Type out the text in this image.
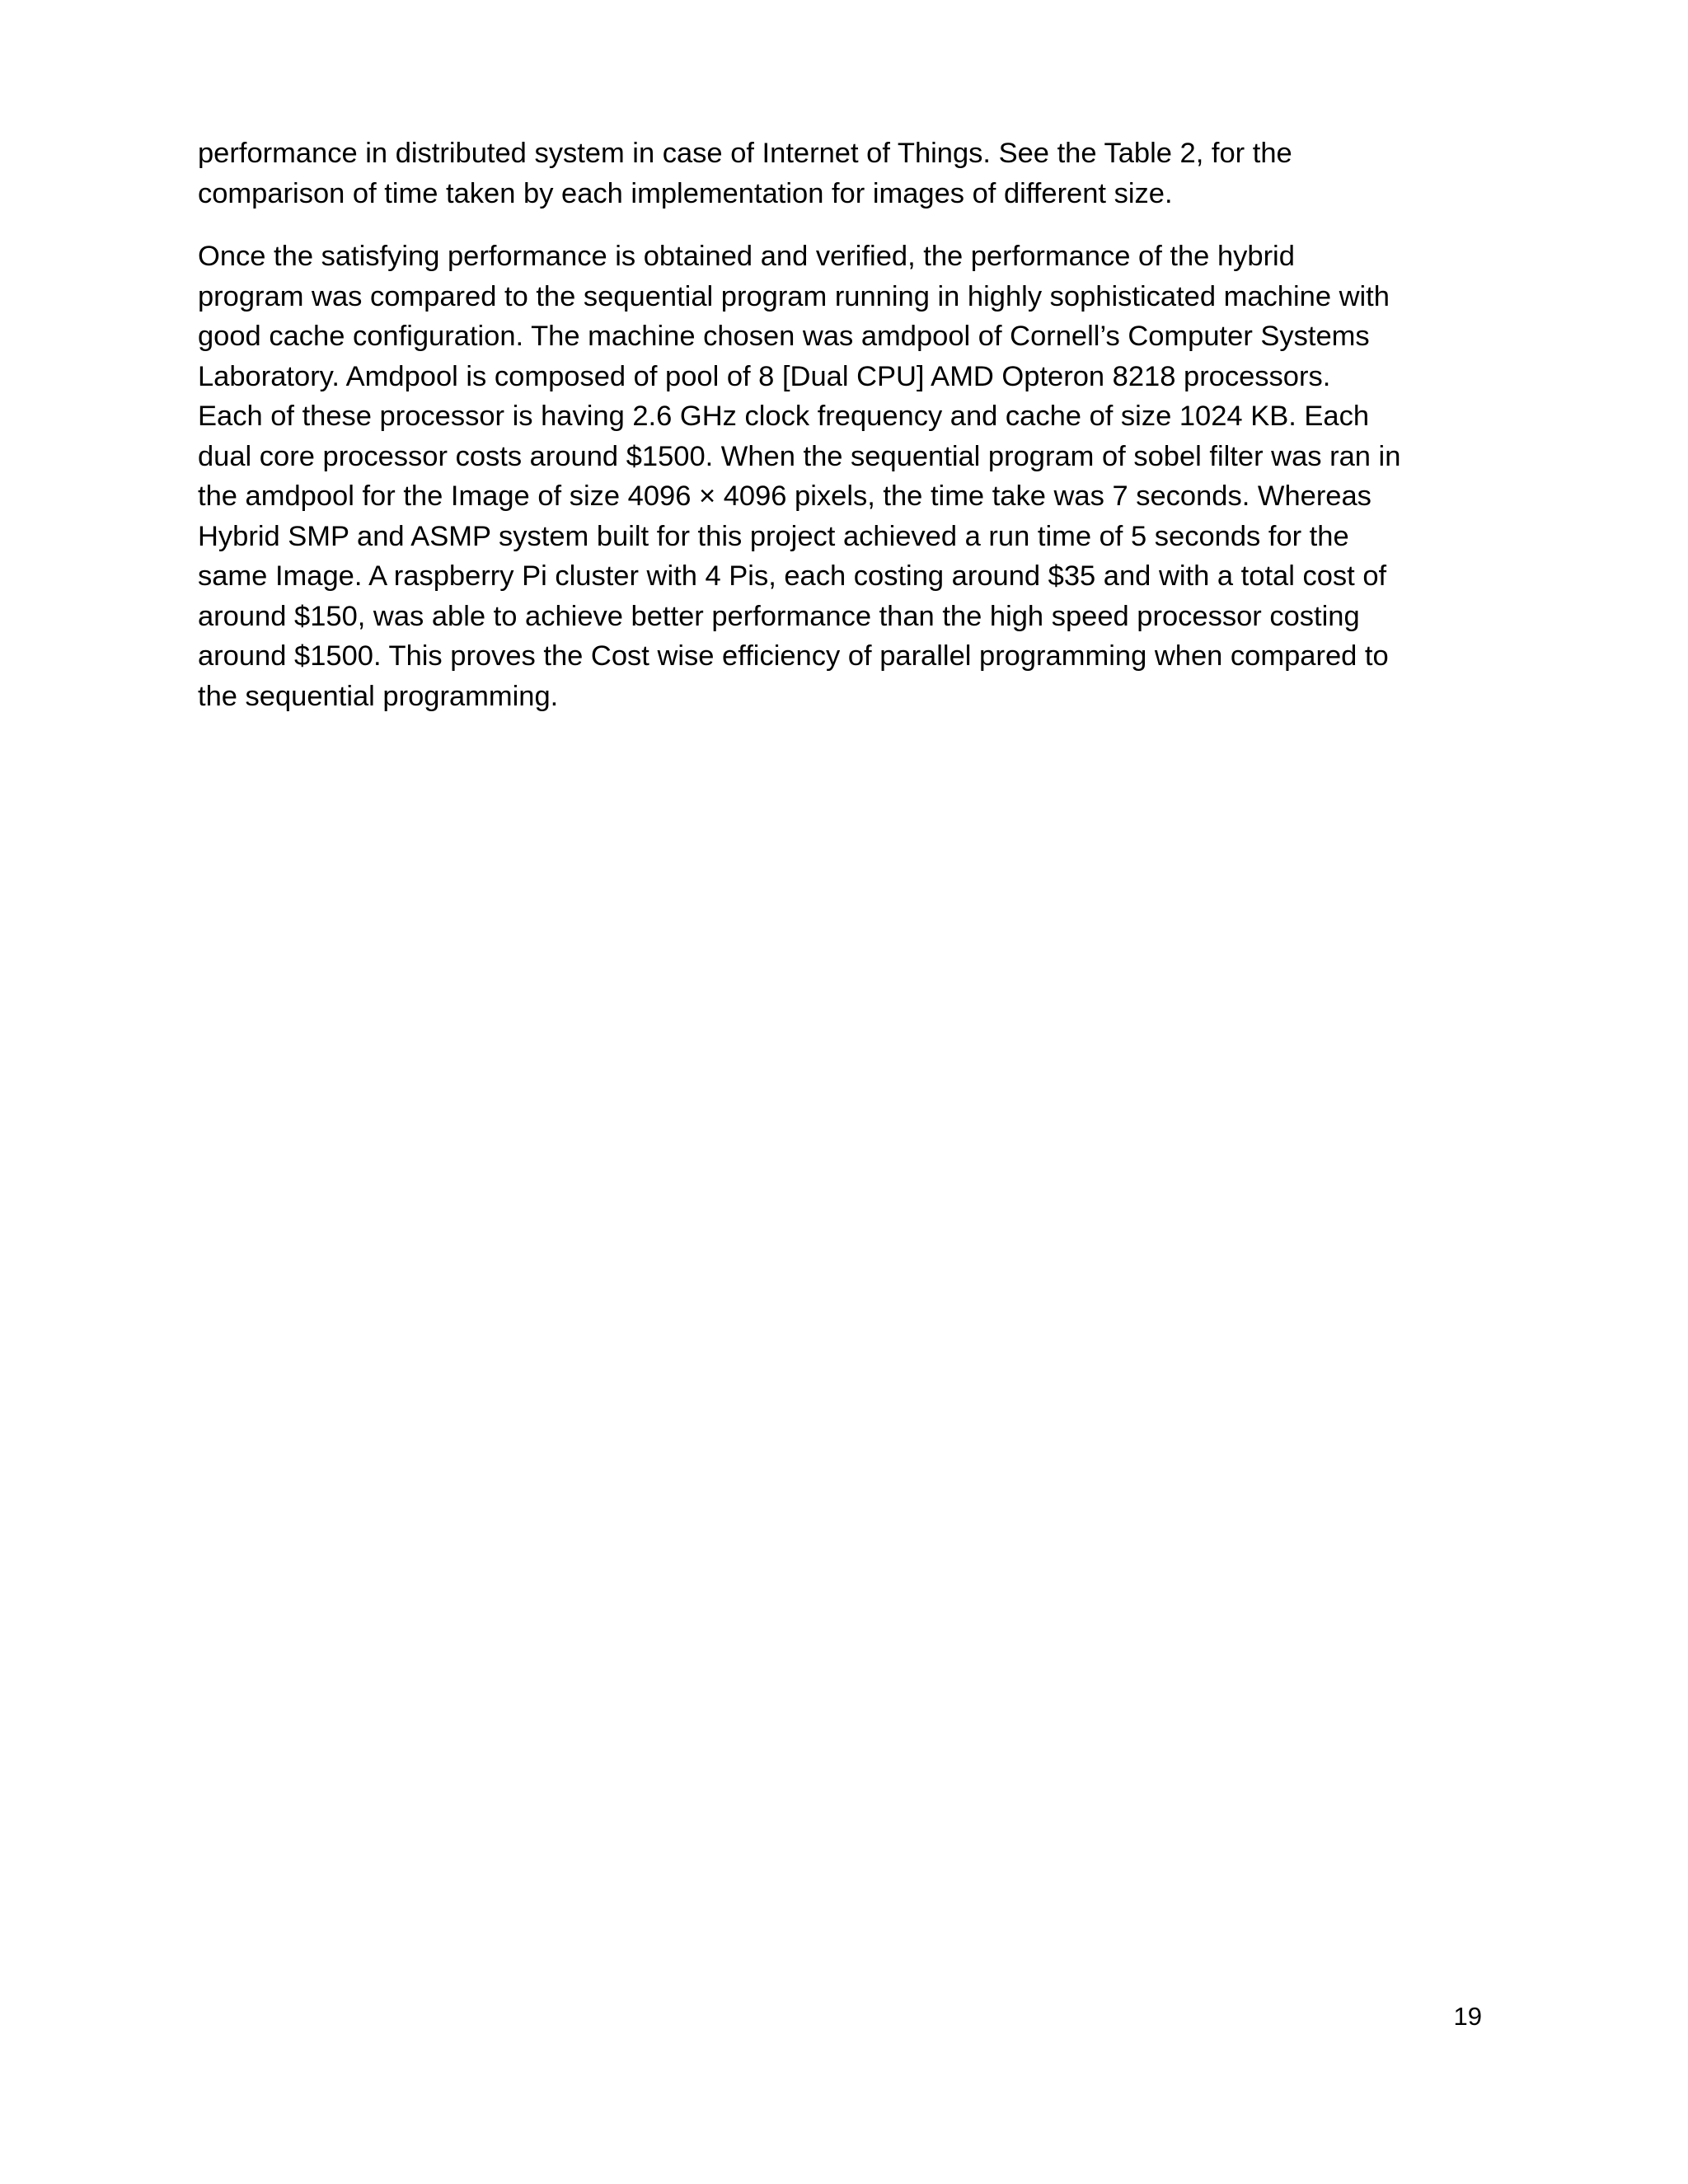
performance in distributed system in case of Internet of Things. See the Table 2, for the
comparison of time taken by each implementation for images of different size.

Once the satisfying performance is obtained and verified, the performance of the hybrid
program was compared to the sequential program running in highly sophisticated machine with
good cache configuration. The machine chosen was amdpool of Cornell’s Computer Systems
Laboratory. Amdpool is composed of pool of 8 [Dual CPU] AMD Opteron 8218 processors.
Each of these processor is having 2.6 GHz clock frequency and cache of size 1024 KB. Each
dual core processor costs around $1500. When the sequential program of sobel filter was ran in
the amdpool for the Image of size 4096 × 4096 pixels, the time take was 7 seconds. Whereas
Hybrid SMP and ASMP system built for this project achieved a run time of 5 seconds for the
same Image. A raspberry Pi cluster with 4 Pis, each costing around $35 and with a total cost of
around $150, was able to achieve better performance than the high speed processor costing
around $1500. This proves the Cost wise efficiency of parallel programming when compared to
the sequential programming.

19
